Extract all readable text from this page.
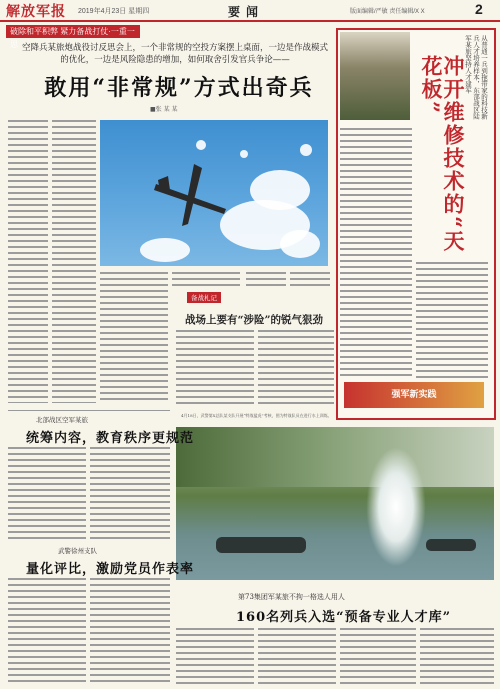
解放军报 2019年4月23日 星期四	要闻	版面编辑/严敏 责任编辑/X X	2
破除和平积弊 紧力备战打仗·一重一思 空降兵某旅炮战役讨反思会上，一个非常规的空投方案摆上桌面，一边是作战模式的优化，一边是风险隐患的增加，如何取舍引发官兵争论——
敢用“非常规”方式出奇兵
■张 某 某	从普通一兵到拖带家的科技新兵人才培养样本，东部战区陆军某旅坚持人才建军
冲开维修技术的“天花板”
强军新实践
备战札记
战场上要有“涉险”的锐气狠劲
4月18日，武警第X总队某支队开展“特战猛虎”考核，图为特战队员在进行水上训练。
第73集团军某旅不拘一格选人用人
160名列兵入选“预备专业人才库”
北部战区空军某旅
统筹内容，教育秩序更规范
武警徐州支队
量化评比，激励党员作表率
